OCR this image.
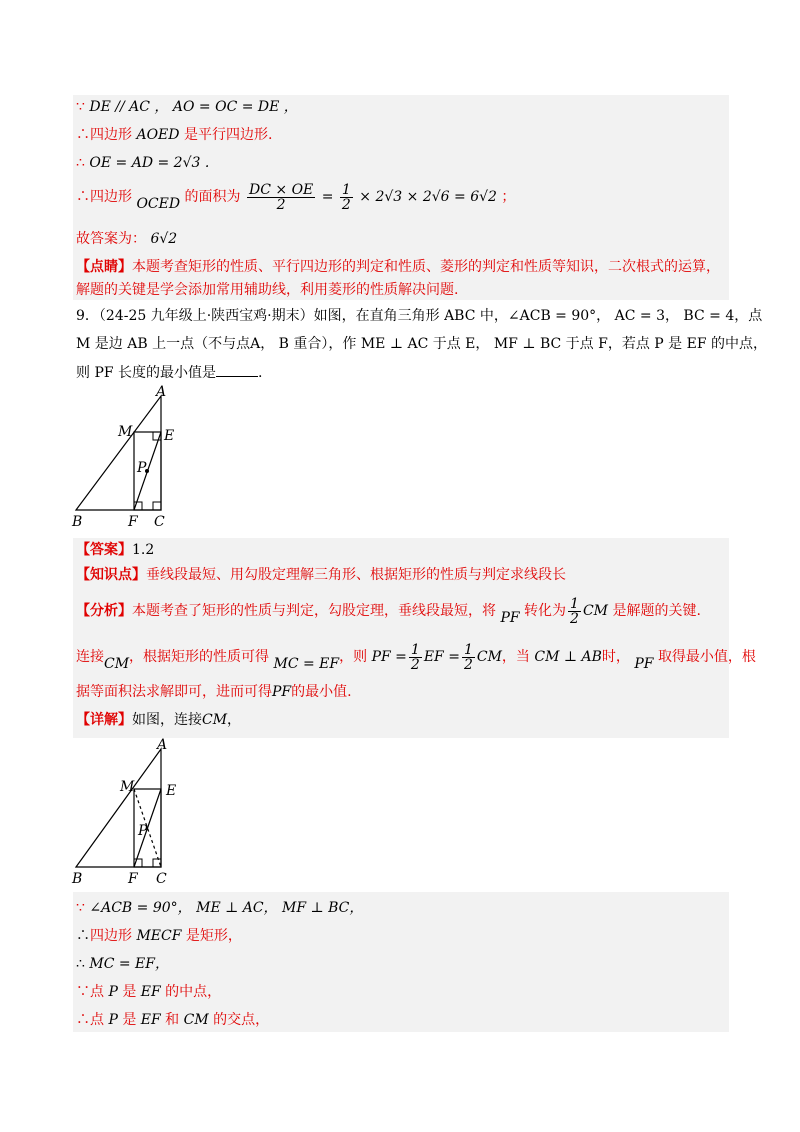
∵ DE // AC ， AO = OC = DE ，
∴四边形 AOED 是平行四边形.
∴ OE = AD = 2√3 .
∴四边形 OCED 的面积为 $\frac{DC \times OE}{2} = \frac{1}{2} \times 2√3 \times 2√6 = 6√2$ ；
故答案为： 6√2
【点睛】本题考查矩形的性质、平行四边形的判定和性质、菱形的判定和性质等知识，二次根式的运算，
解题的关键是学会添加常用辅助线，利用菱形的性质解决问题.
9．（24-25 九年级上·陕西宝鸡·期末）如图，在直角三角形 ABC 中，∠ACB = 90°， AC = 3， BC = 4，点
M 是边 AB 上一点（不与点A， B 重合），作 ME ⊥ AC 于点 E， MF ⊥ BC 于点 F，若点 P 是 EF 的中点，
则 PF 长度的最小值是	.
A
B	C
M E
F
P
【答案】1.2
【知识点】垂线段最短、用勾股定理解三角形、根据矩形的性质与判定求线段长
【分析】本题考查了矩形的性质与判定，勾股定理，垂线段最短，将 PF 转化为 $\frac{1}{2}$ CM 是解题的关键.
连接CM，根据矩形的性质可得 MC = EF，则 PF = $\frac{1}{2}$ EF = $\frac{1}{2}$ CM，当 CM ⊥ AB时， PF 取得最小值，根
据等面积法求解即可，进而可得PF的最小值.
【详解】如图，连接CM，
A
B	C
M E
F
P
∵ ∠ACB = 90°， ME ⊥ AC， MF ⊥ BC，
∴四边形 MECF 是矩形，
∴ MC = EF，
∵点 P 是 EF 的中点，
∴点 P 是 EF 和 CM 的交点，
